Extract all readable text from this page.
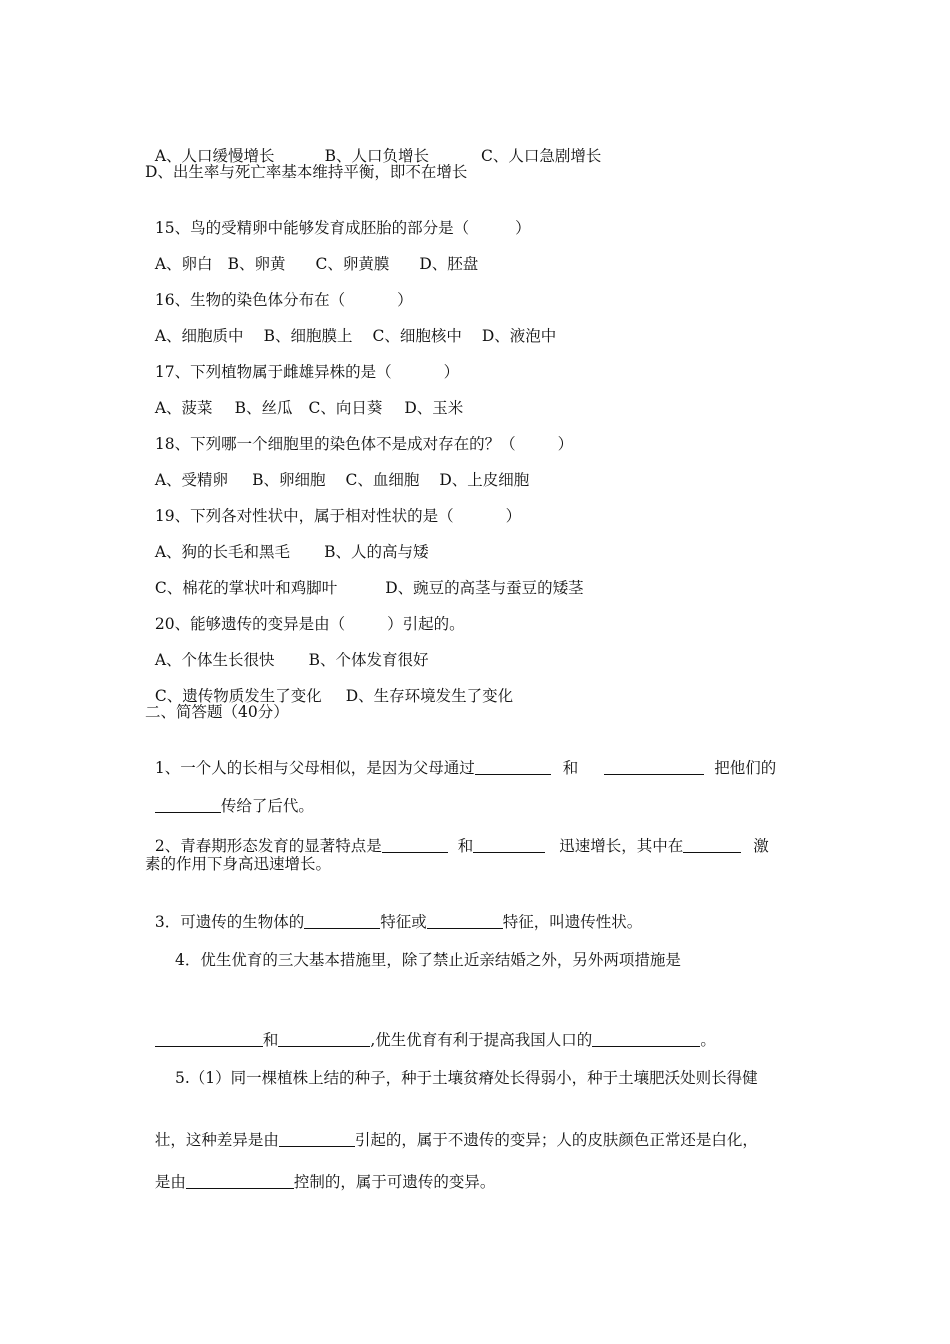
A、人口缓慢增长	B、人口负增长	C、人口急剧增长

D、出生率与死亡率基本维持平衡，即不在增长

15、鸟的受精卵中能够发育成胚胎的部分是（	）

A、卵白 B、卵黄 C、卵黄膜 D、胚盘

16、生物的染色体分布在（	）

A、细胞质中 B、细胞膜上 C、细胞核中 D、液泡中

17、下列植物属于雌雄异株的是（	）

A、菠菜 B、丝瓜 C、向日葵 D、玉米

18、下列哪一个细胞里的染色体不是成对存在的？（	）

A、受精卵 B、卵细胞 C、血细胞 D、上皮细胞

19、下列各对性状中，属于相对性状的是（	）

A、狗的长毛和黑毛 B、人的高与矮

C、棉花的掌状叶和鸡脚叶	D、豌豆的高茎与蚕豆的矮茎

20、能够遗传的变异是由（	）引起的。

A、个体生长很快 B、个体发育很好

C、遗传物质发生了变化 D、生存环境发生了变化

二、简答题（40分）

1、一个人的长相与父母相似，是因为父母通过	和	把他们的

传给了后代。

2、青春期形态发育的显著特点是	和	迅速增长，其中在	激

素的作用下身高迅速增长。

3．可遗传的生物体的	特征或	特征，叫遗传性状。

4．优生优育的三大基本措施里，除了禁止近亲结婚之外，另外两项措施是

和	,优生优育有利于提高我国人口的	。

5.（1）同一棵植株上结的种子，种于土壤贫瘠处长得弱小，种于土壤肥沃处则长得健

壮，这种差异是由	引起的，属于不遗传的变异；人的皮肤颜色正常还是白化，

是由	控制的，属于可遗传的变异。
